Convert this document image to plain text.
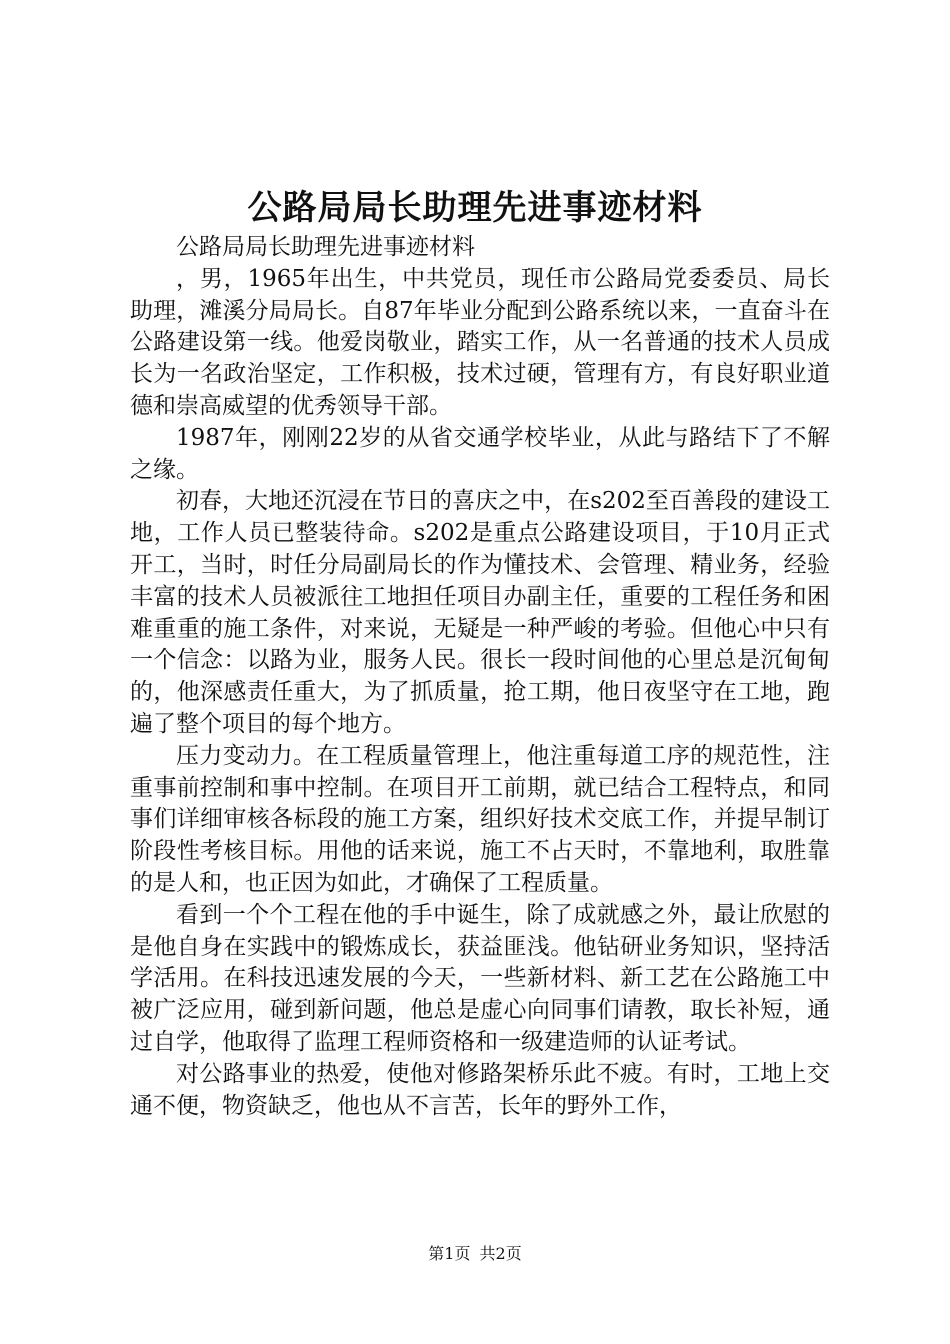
公路局局长助理先进事迹材料

公路局局长助理先进事迹材料

，男，1965年出生，中共党员，现任市公路局党委委员、局长助理，滩溪分局局长。自87年毕业分配到公路系统以来，一直奋斗在公路建设第一线。他爱岗敬业，踏实工作，从一名普通的技术人员成长为一名政治坚定，工作积极，技术过硬，管理有方，有良好职业道德和崇高威望的优秀领导干部。

1987年，刚刚22岁的从省交通学校毕业，从此与路结下了不解之缘。

初春，大地还沉浸在节日的喜庆之中，在s202至百善段的建设工地，工作人员已整装待命。s202是重点公路建设项目，于10月正式开工，当时，时任分局副局长的作为懂技术、会管理、精业务，经验丰富的技术人员被派往工地担任项目办副主任，重要的工程任务和困难重重的施工条件，对来说，无疑是一种严峻的考验。但他心中只有一个信念：以路为业，服务人民。很长一段时间他的心里总是沉甸甸的，他深感责任重大，为了抓质量，抢工期，他日夜坚守在工地，跑遍了整个项目的每个地方。

压力变动力。在工程质量管理上，他注重每道工序的规范性，注重事前控制和事中控制。在项目开工前期，就已结合工程特点，和同事们详细审核各标段的施工方案，组织好技术交底工作，并提早制订阶段性考核目标。用他的话来说，施工不占天时，不靠地利，取胜靠的是人和，也正因为如此，才确保了工程质量。

看到一个个工程在他的手中诞生，除了成就感之外，最让欣慰的是他自身在实践中的锻炼成长，获益匪浅。他钻研业务知识，坚持活学活用。在科技迅速发展的今天，一些新材料、新工艺在公路施工中被广泛应用，碰到新问题，他总是虚心向同事们请教，取长补短，通过自学，他取得了监理工程师资格和一级建造师的认证考试。

对公路事业的热爱，使他对修路架桥乐此不疲。有时，工地上交通不便，物资缺乏，他也从不言苦，长年的野外工作，

第1页 共2页
